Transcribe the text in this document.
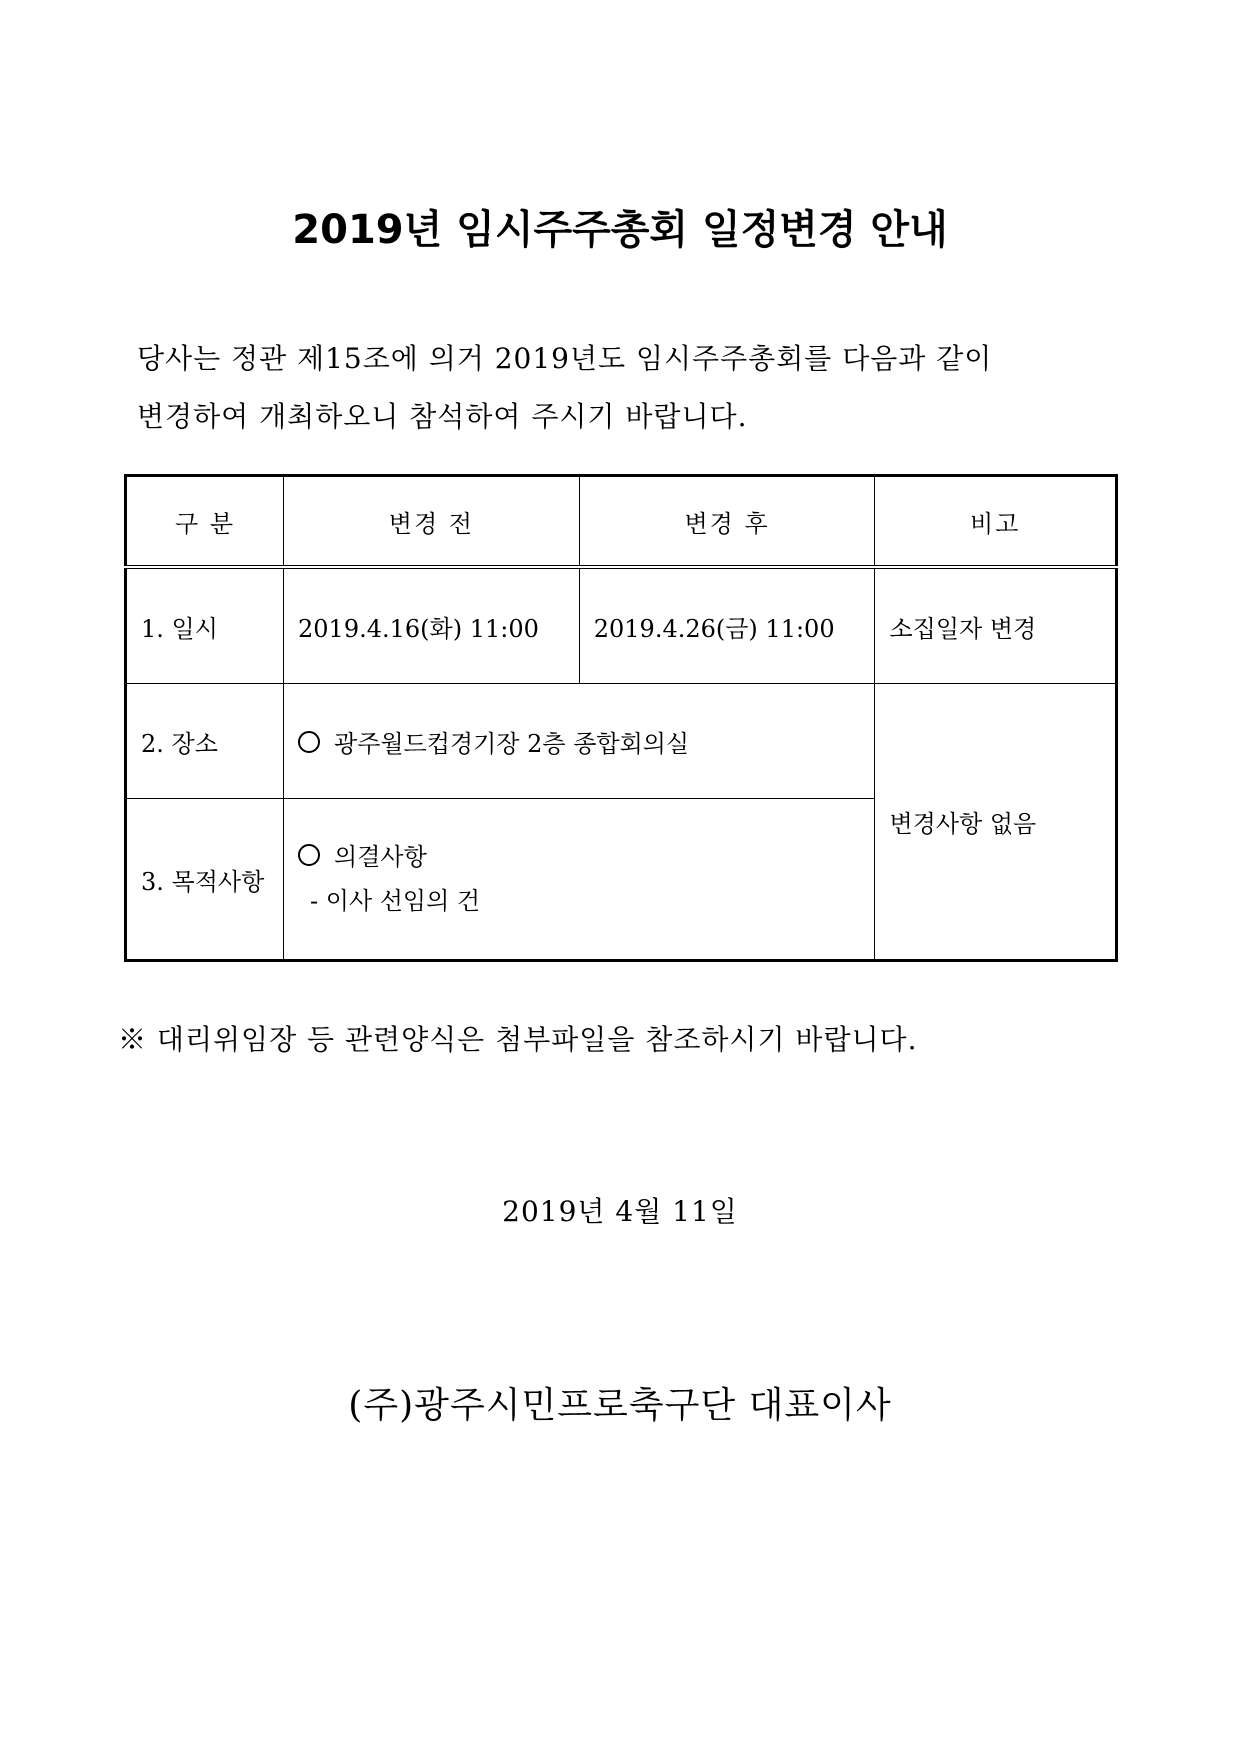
2019년 임시주주총회 일정변경 안내
당사는 정관 제15조에 의거 2019년도 임시주주총회를 다음과 같이
변경하여 개최하오니 참석하여 주시기 바랍니다.
구 분	변경 전	변경 후	비고
1. 일시	2019.4.16(화) 11:00	2019.4.26(금) 11:00	소집일자 변경
2. 장소	광주월드컵경기장 2층 종합회의실		변경사항 없음
3. 목적사항	의결사항
- 이사 선임의 건		
※ 대리위임장 등 관련양식은 첨부파일을 참조하시기 바랍니다.
2019년 4월 11일
(주)광주시민프로축구단 대표이사
